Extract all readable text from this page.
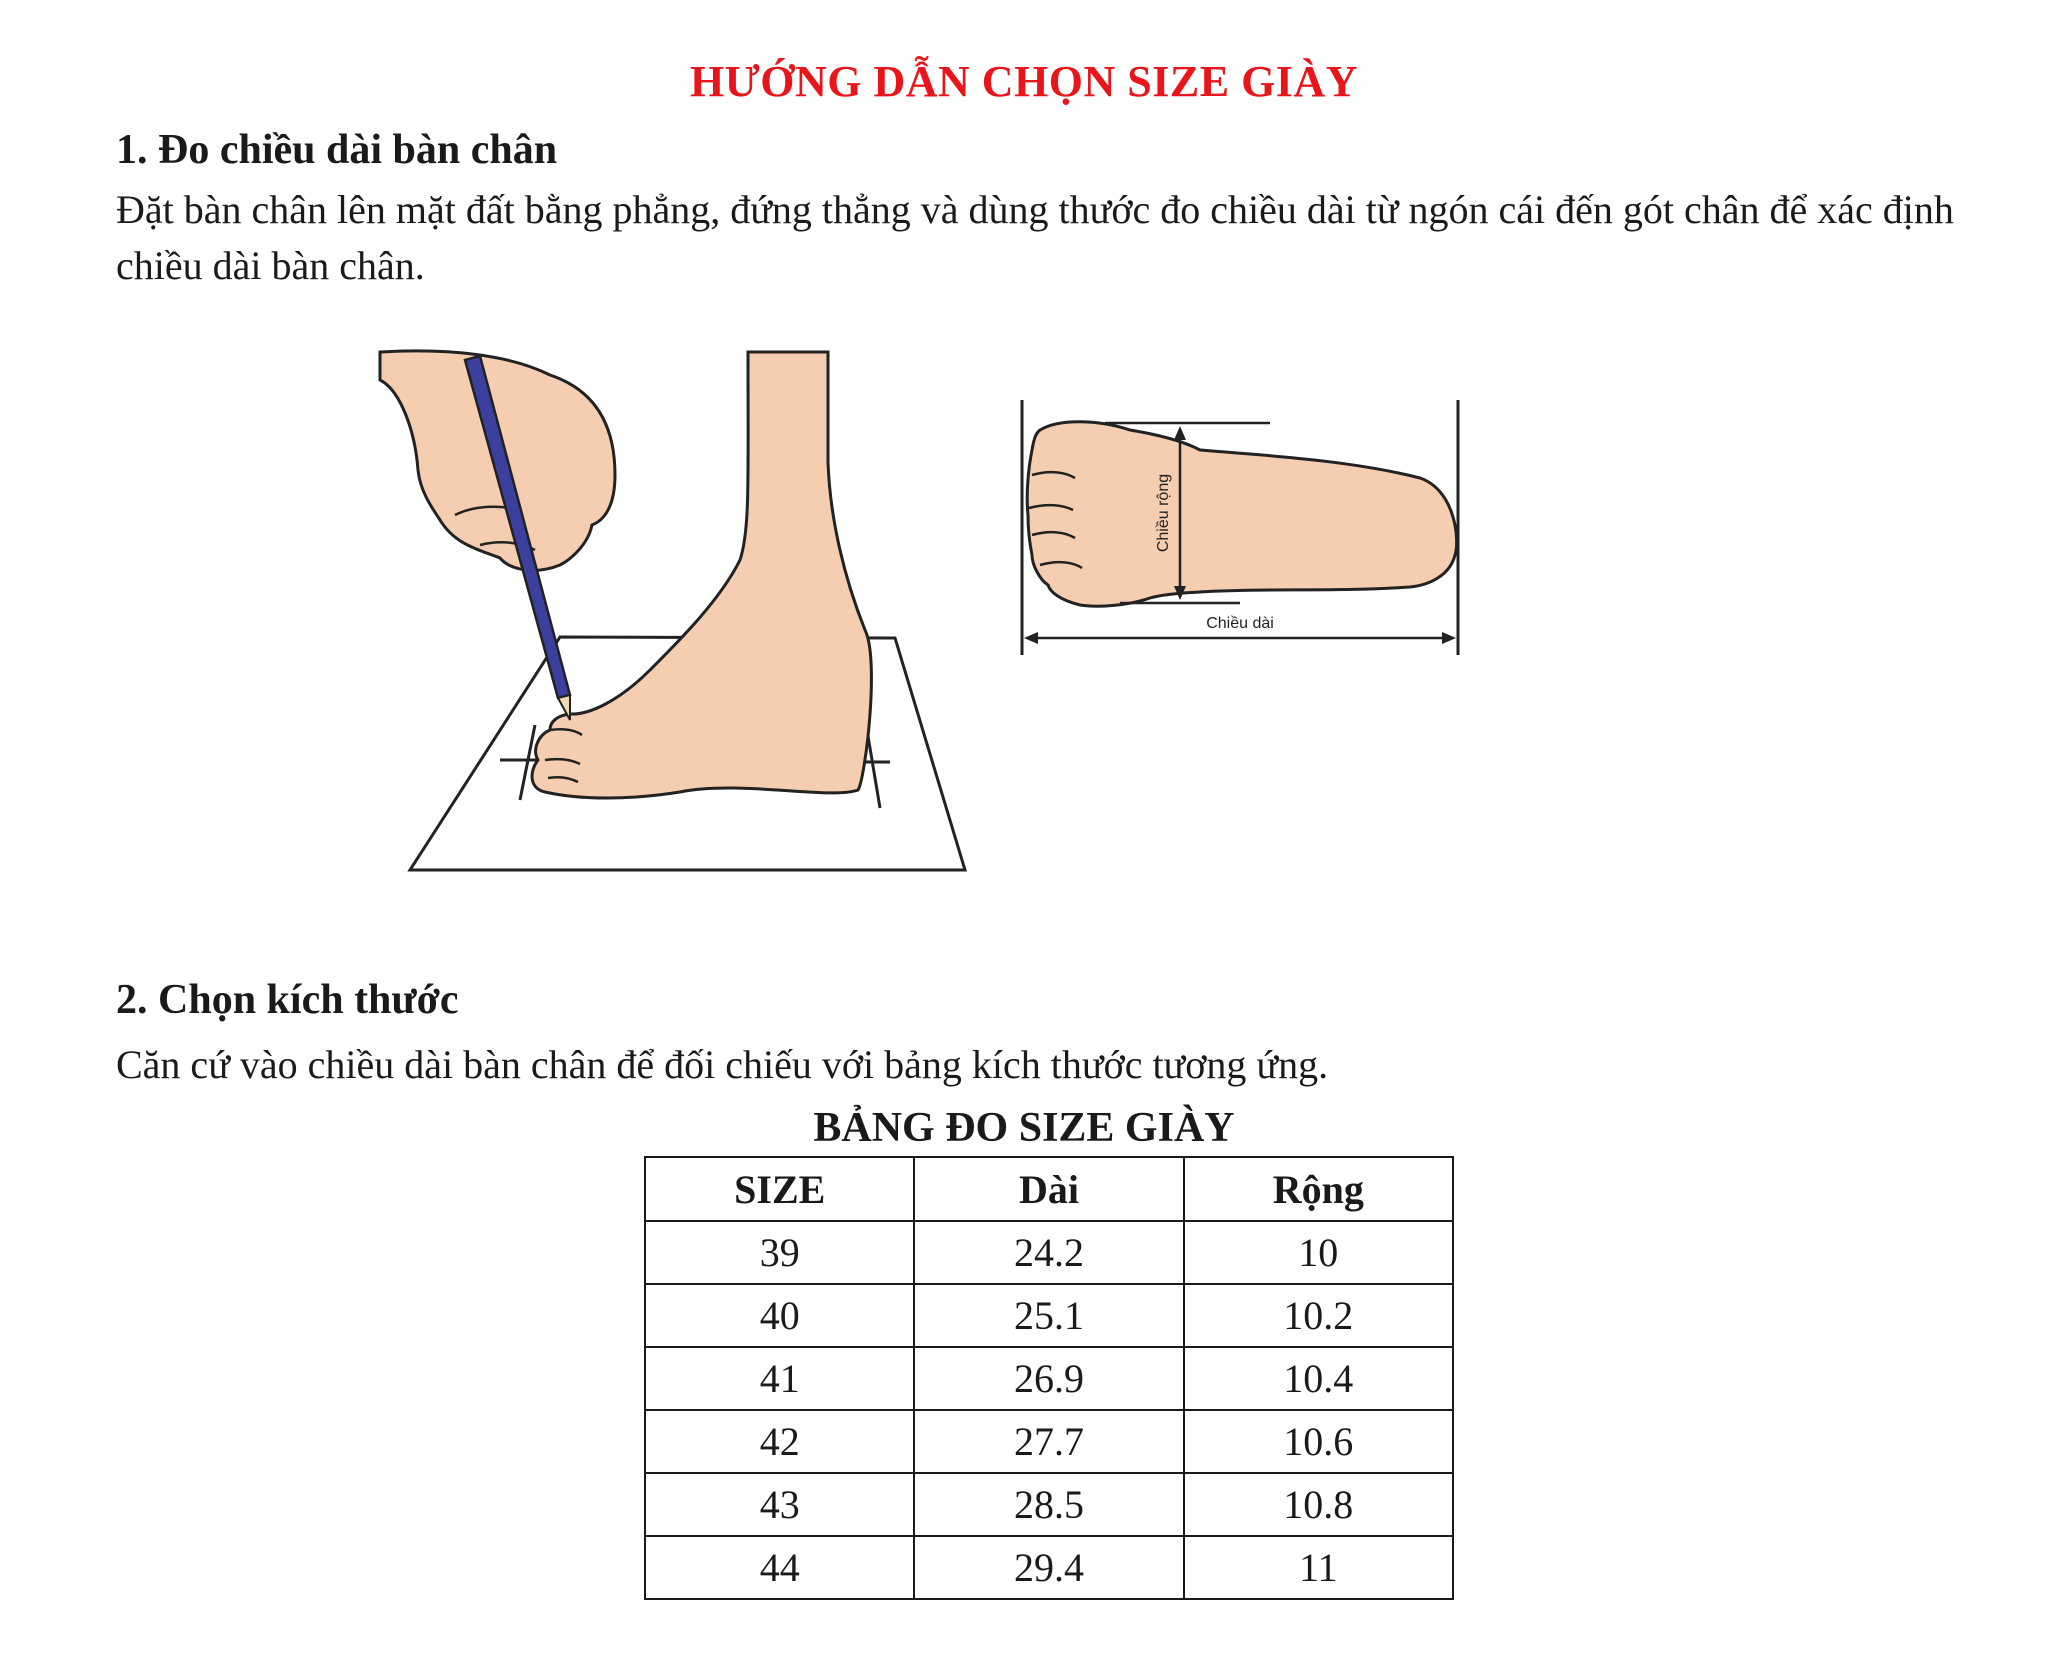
HƯỚNG DẪN CHỌN SIZE GIÀY
1. Đo chiều dài bàn chân
Đặt bàn chân lên mặt đất bằng phẳng, đứng thẳng và dùng thước đo chiều dài từ ngón cái đến gót chân để xác định chiều dài bàn chân.
Chiều rộng
Chiều dài
2. Chọn kích thước
Căn cứ vào chiều dài bàn chân để đối chiếu với bảng kích thước tương ứng.
BẢNG ĐO SIZE GIÀY
SIZE	Dài	Rộng
39	24.2	10
40	25.1	10.2
41	26.9	10.4
42	27.7	10.6
43	28.5	10.8
44	29.4	11
